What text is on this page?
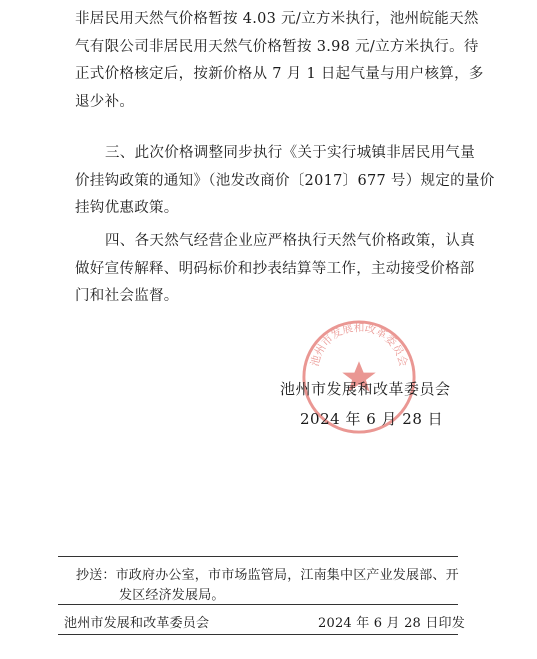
非居民用天然气价格暂按 4.03 元/立方米执行，池州皖能天然
气有限公司非居民用天然气价格暂按 3.98 元/立方米执行。待
正式价格核定后，按新价格从 7 月 1 日起气量与用户核算，多
退少补。
三、此次价格调整同步执行《关于实行城镇非居民用气量
价挂钩政策的通知》（池发改商价〔2017〕677 号）规定的量价
挂钩优惠政策。
四、各天然气经营企业应严格执行天然气价格政策，认真
做好宣传解释、明码标价和抄表结算等工作，主动接受价格部
门和社会监督。
池州市发展和改革委员会
池州市发展和改革委员会
2024 年 6 月 28 日
抄送：市政府办公室，市市场监管局，江南集中区产业发展部、开
发区经济发展局。
池州市发展和改革委员会	2024 年 6 月 28 日印发
